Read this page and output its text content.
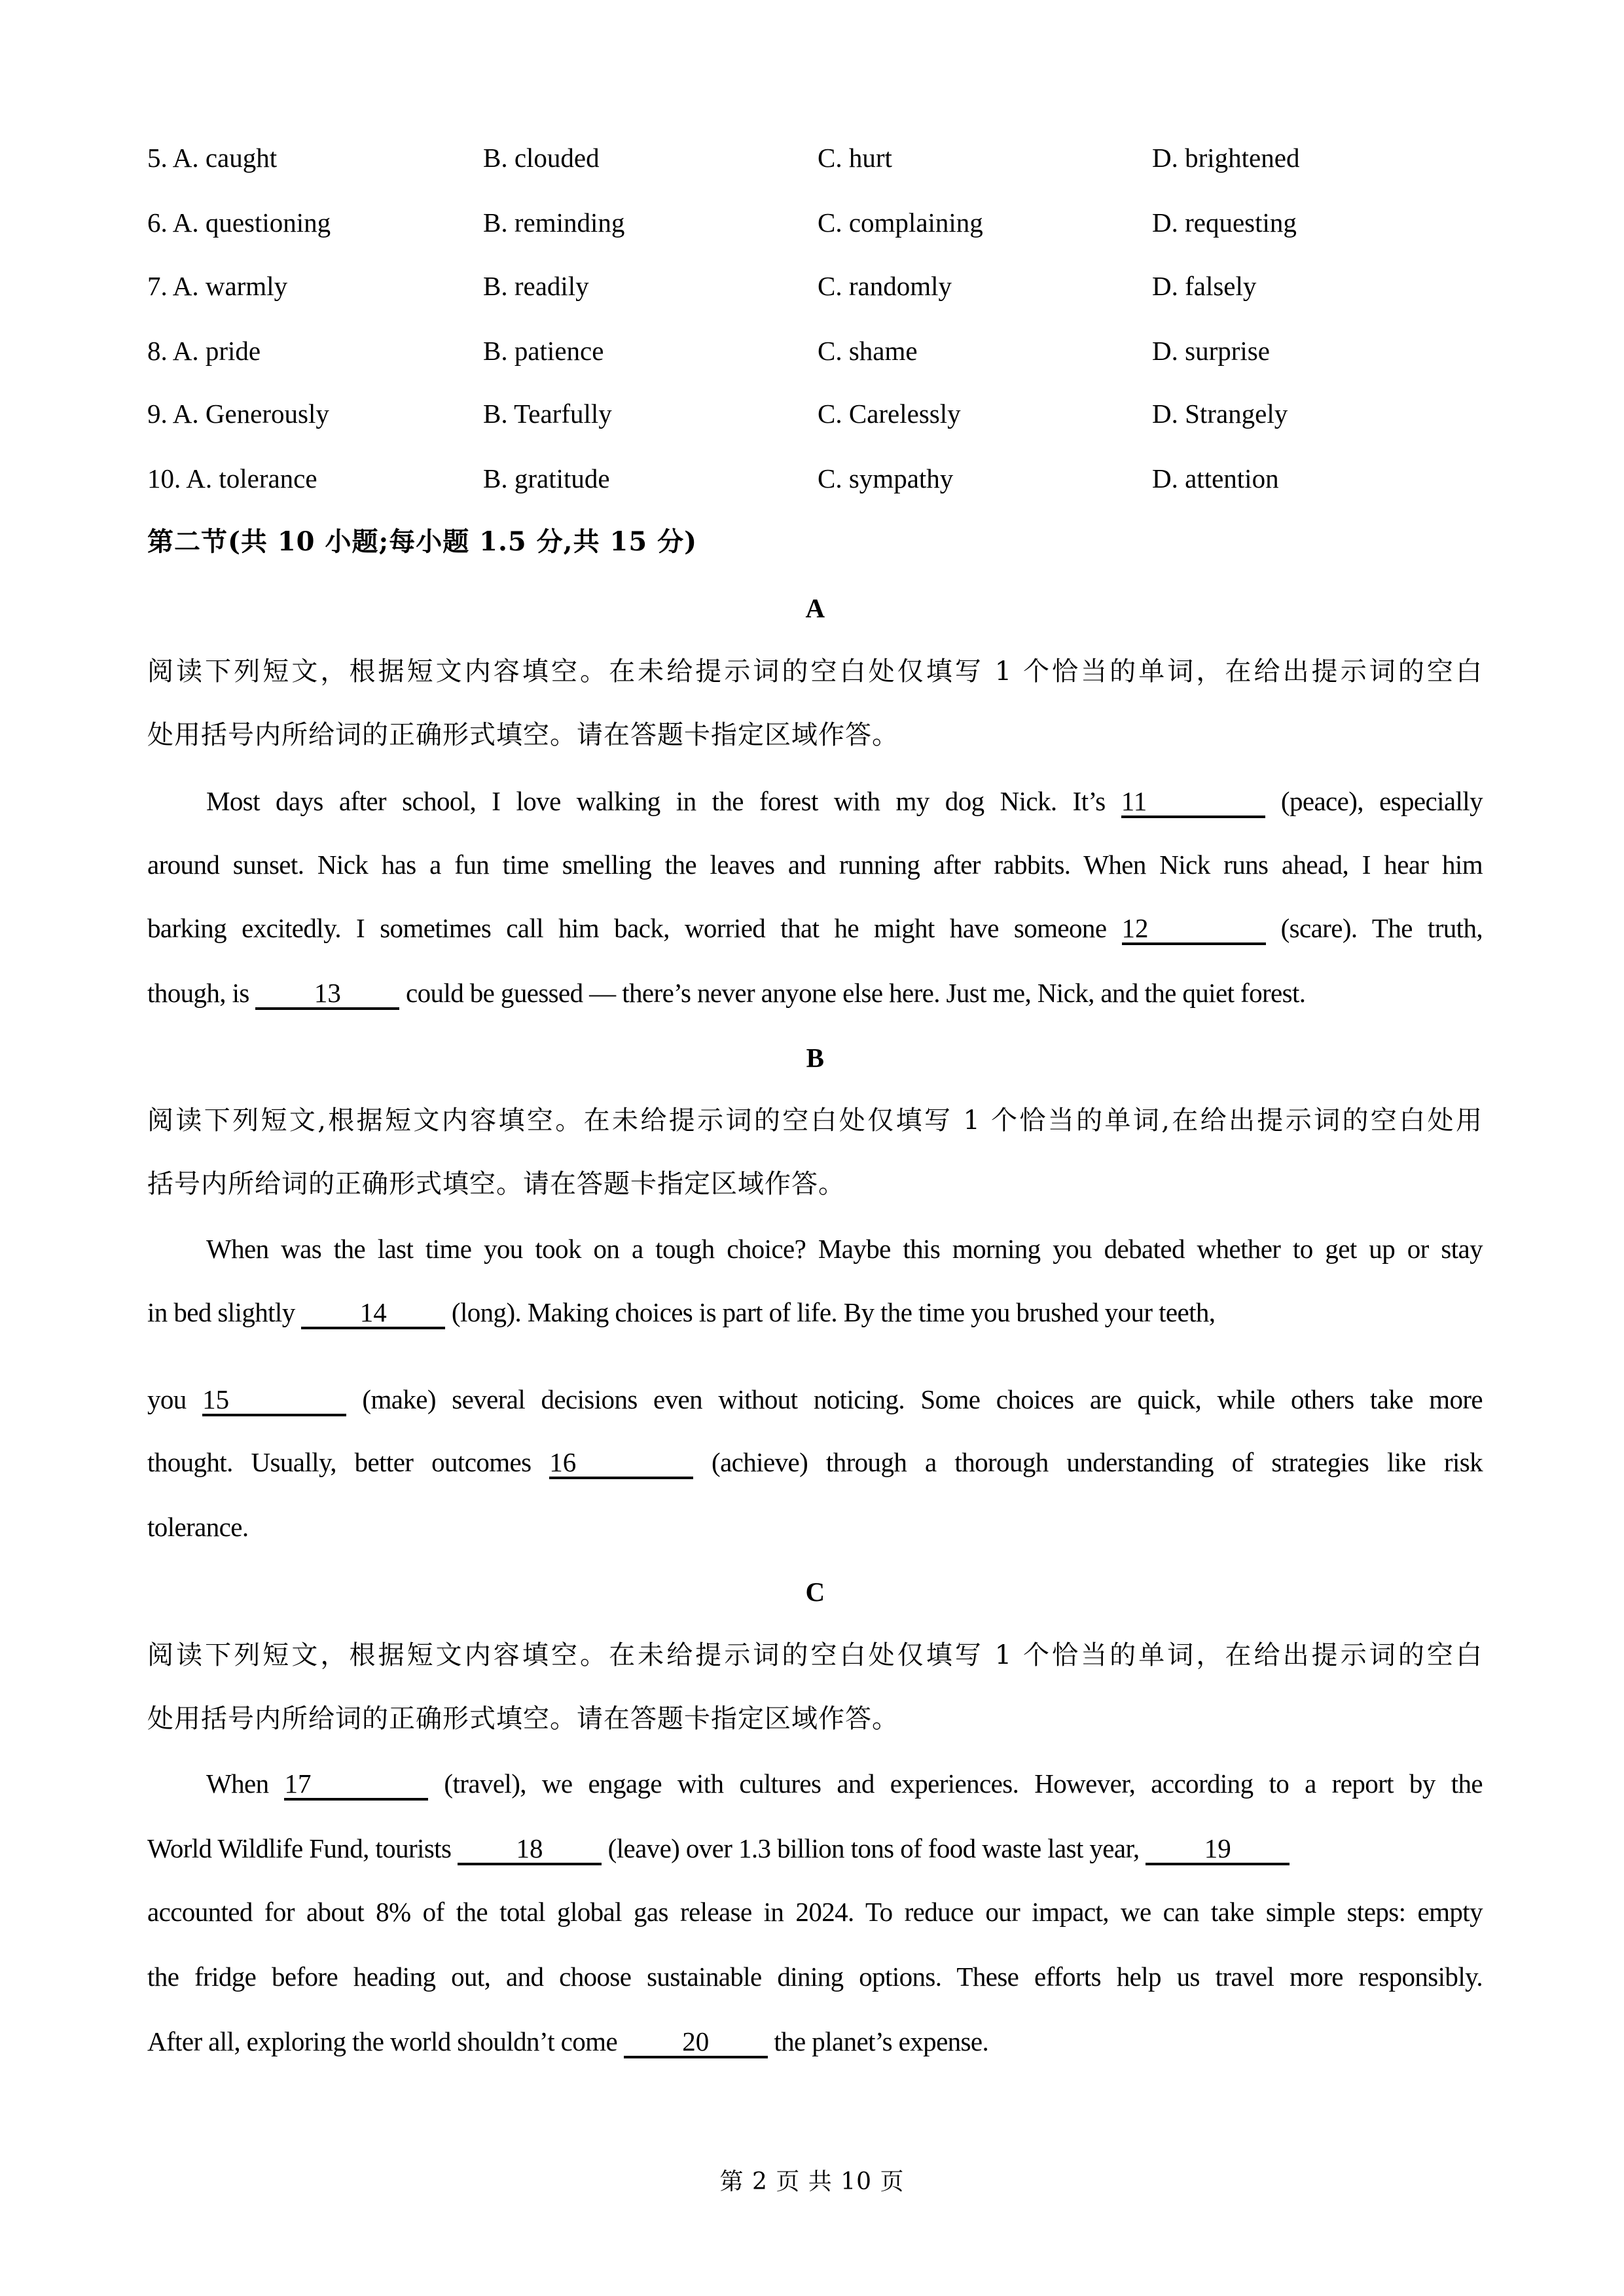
5. A. caught	B. clouded	C. hurt	D. brightened
6. A. questioning	B. reminding	C. complaining	D. requesting
7. A. warmly	B. readily	C. randomly	D. falsely
8. A. pride	B. patience	C. shame	D. surprise
9. A. Generously	B. Tearfully	C. Carelessly	D. Strangely
10. A. tolerance	B. gratitude	C. sympathy	D. attention
第二节(共 10 小题;每小题 1.5 分,共 15 分)
A
阅读下列短文，根据短文内容填空。在未给提示词的空白处仅填写 1 个恰当的单词，在给出提示词的空白
处用括号内所给词的正确形式填空。请在答题卡指定区域作答。
Most days after school, I love walking in the forest with my dog Nick. It’s 11	(peace), especially
around sunset. Nick has a fun time smelling the leaves and running after rabbits. When Nick runs ahead, I hear him
barking excitedly. I sometimes call him back, worried that he might have someone 12	(scare). The truth,
though, is 13 could be guessed — there’s never anyone else here. Just me, Nick, and the quiet forest.
B
阅读下列短文,根据短文内容填空。在未给提示词的空白处仅填写 1 个恰当的单词,在给出提示词的空白处用
括号内所给词的正确形式填空。请在答题卡指定区域作答。
When was the last time you took on a tough choice? Maybe this morning you debated whether to get up or stay
in bed slightly 14 (long). Making choices is part of life. By the time you brushed your teeth,
you 15	(make) several decisions even without noticing. Some choices are quick, while others take more
thought. Usually, better outcomes 16	(achieve) through a thorough understanding of strategies like risk
tolerance.
C
阅读下列短文，根据短文内容填空。在未给提示词的空白处仅填写 1 个恰当的单词，在给出提示词的空白
处用括号内所给词的正确形式填空。请在答题卡指定区域作答。
When 17	(travel), we engage with cultures and experiences. However, according to a report by the
World Wildlife Fund, tourists 18 (leave) over 1.3 billion tons of food waste last year, 19
accounted for about 8% of the total global gas release in 2024. To reduce our impact, we can take simple steps: empty
the fridge before heading out, and choose sustainable dining options. These efforts help us travel more responsibly.
After all, exploring the world shouldn’t come 20 the planet’s expense.
第 2 页 共 10 页
